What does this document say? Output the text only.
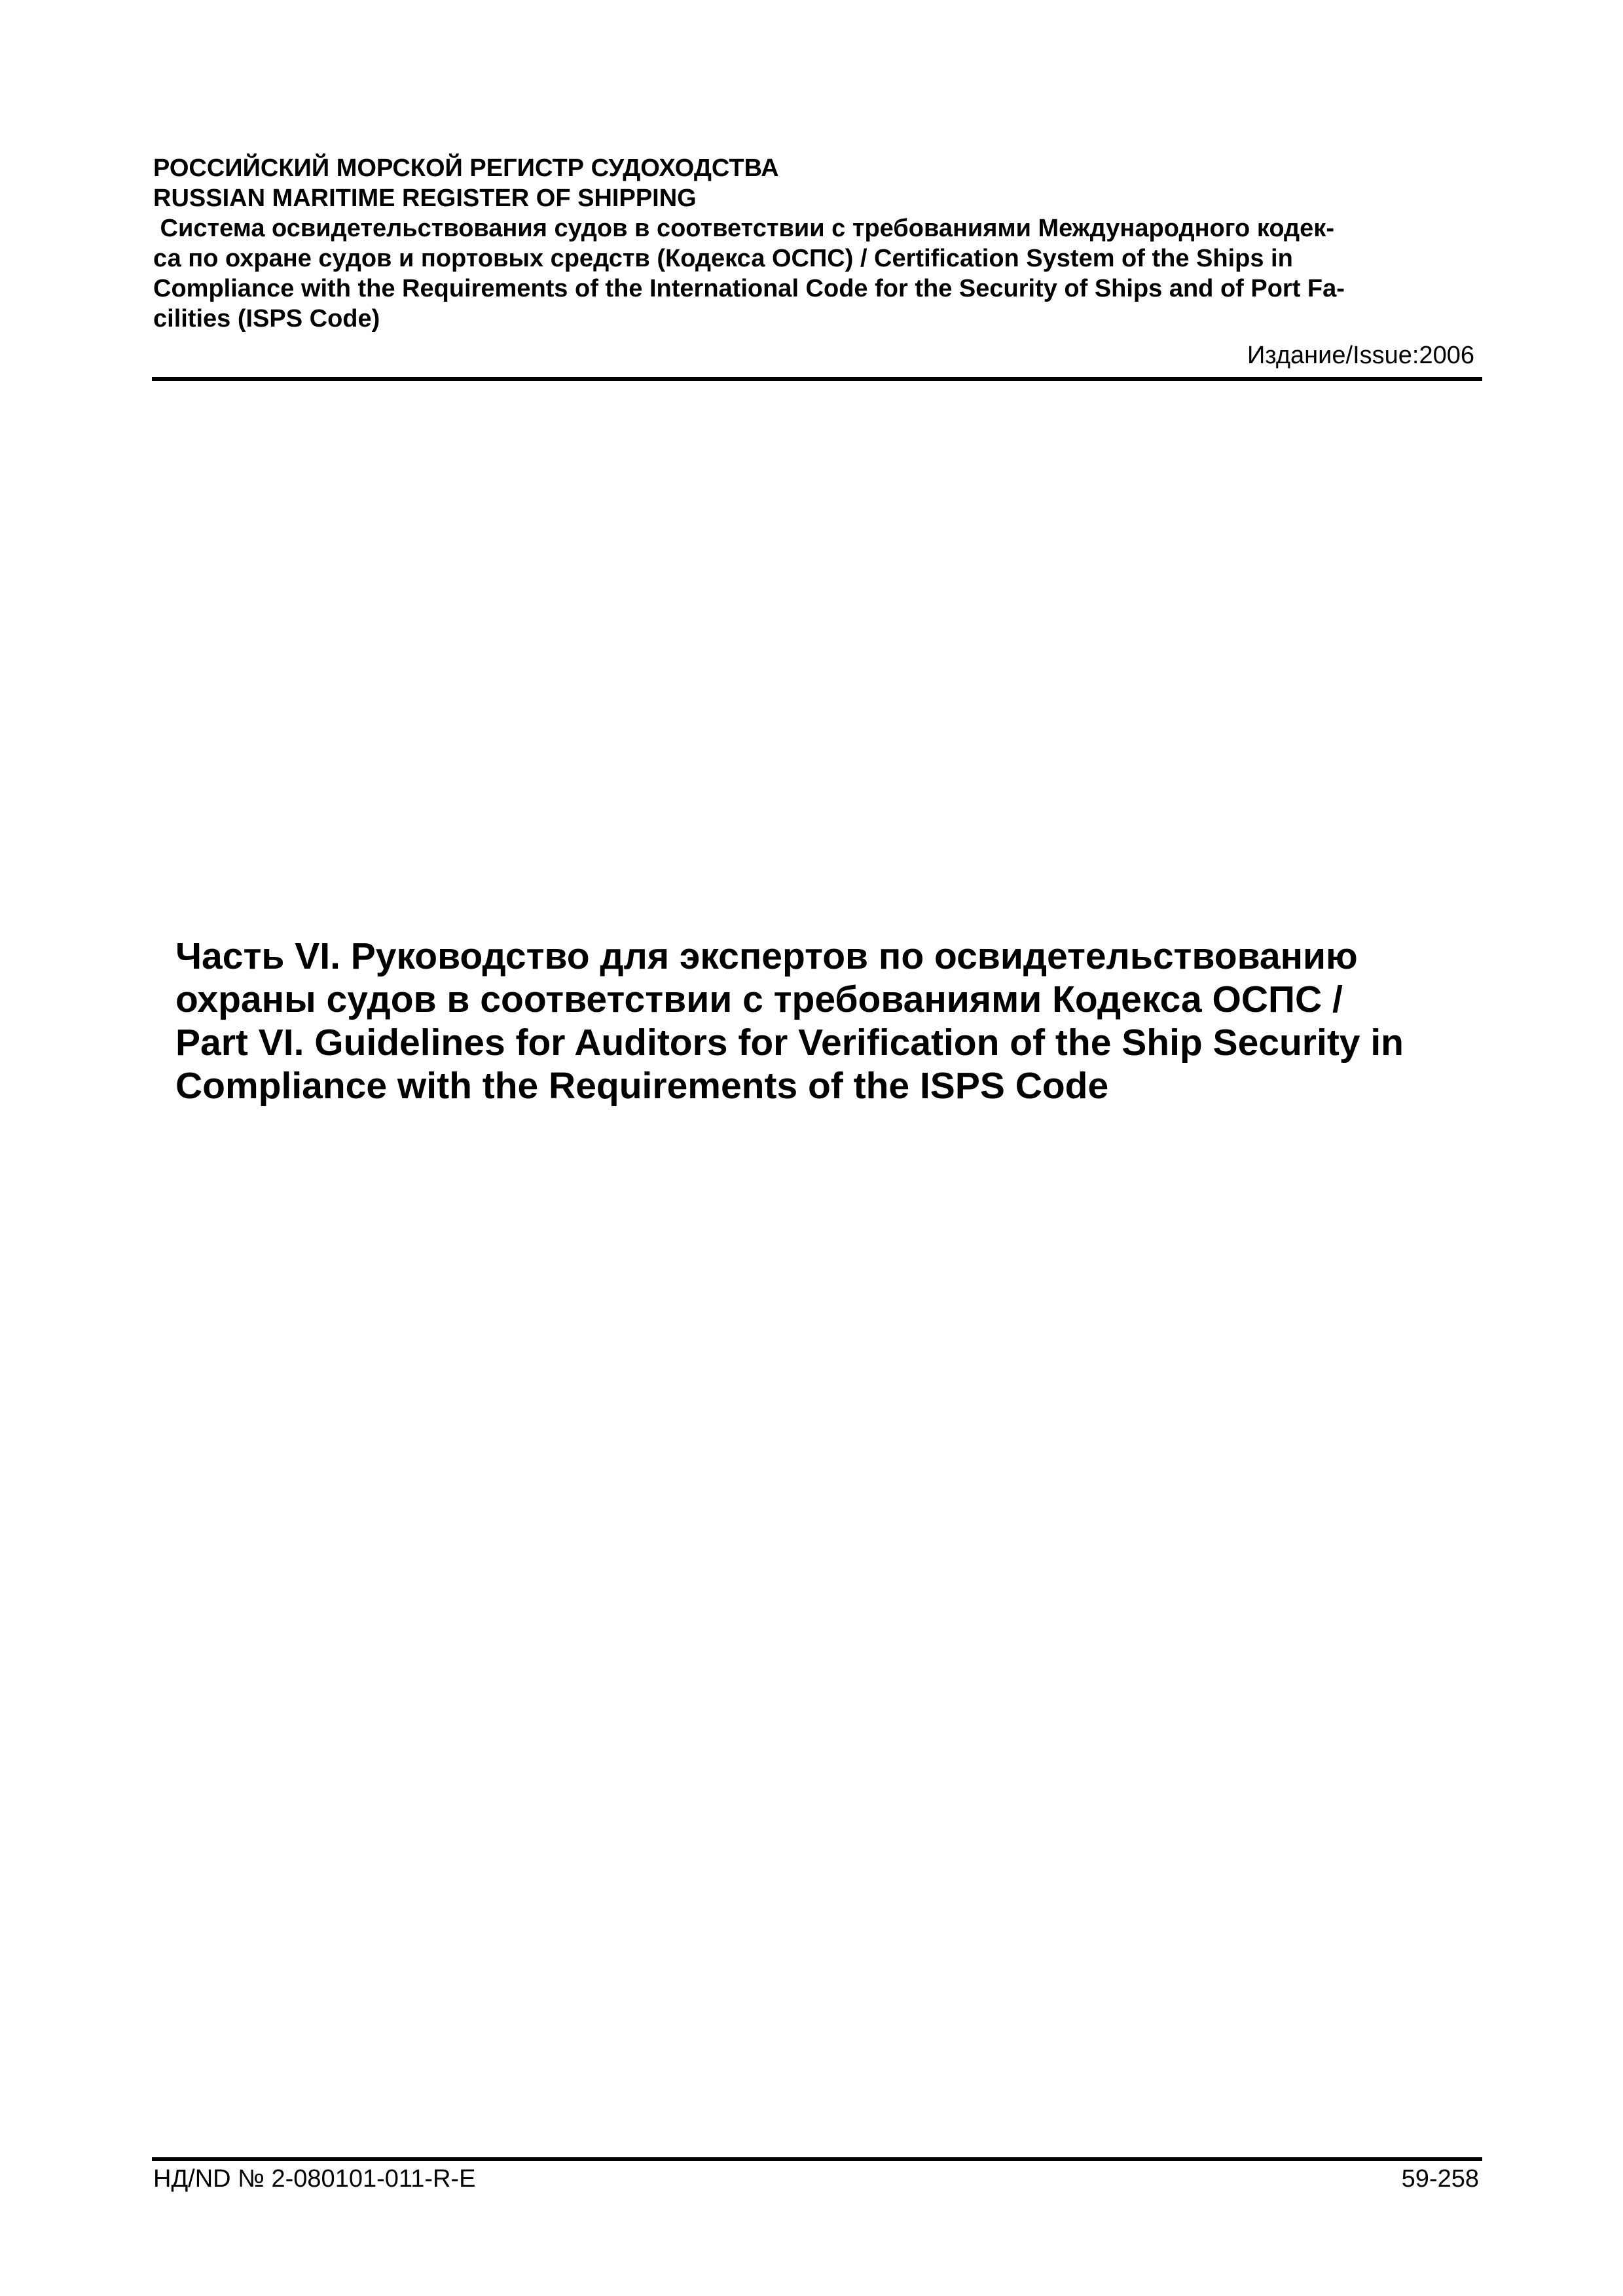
РОССИЙСКИЙ МОРСКОЙ РЕГИСТР СУДОХОДСТВА
RUSSIAN MARITIME REGISTER OF SHIPPING
Система освидетельствования судов в соответствии с требованиями Международного кодек-
са по охране судов и портовых средств (Кодекса ОСПС) / Certification System of the Ships in
Compliance with the Requirements of the International Code for the Security of Ships and of Port Fa-
cilities (ISPS Code)
Издание/Issue:2006
Часть VI. Руководство для экспертов по освидетельствованию
охраны судов в соответствии с требованиями Кодекса ОСПС /
Part VI. Guidelines for Auditors for Verification of the Ship Security in
Compliance with the Requirements of the ISPS Code
НД/ND № 2-080101-011-R-E	59-258
